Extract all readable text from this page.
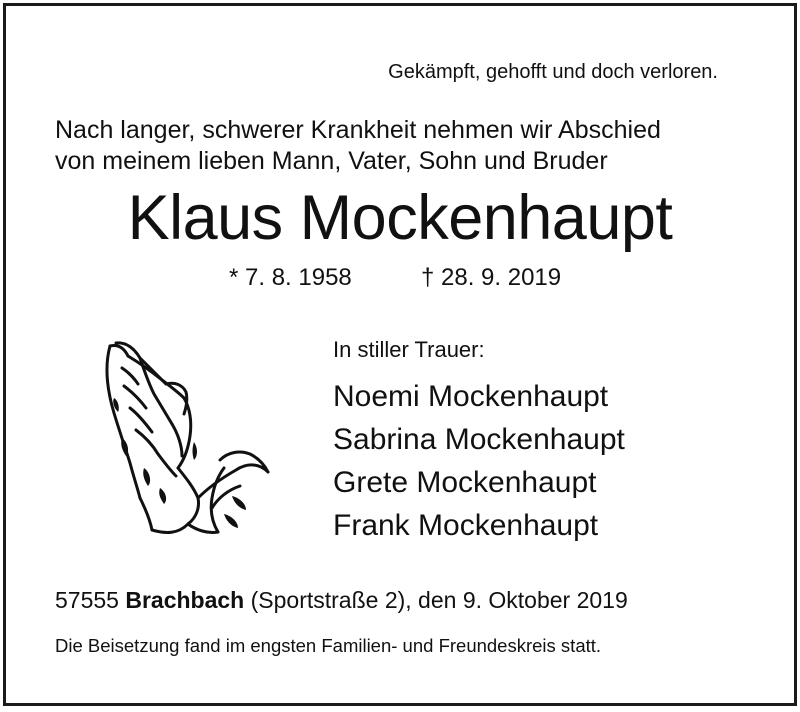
Gekämpft, gehofft und doch verloren.
Nach langer, schwerer Krankheit nehmen wir Abschied
von meinem lieben Mann, Vater, Sohn und Bruder
Klaus Mockenhaupt
* 7. 8. 1958	† 28. 9. 2019
In stiller Trauer:
Noemi Mockenhaupt
Sabrina Mockenhaupt
Grete Mockenhaupt
Frank Mockenhaupt
57555 Brachbach (Sportstraße 2), den 9. Oktober 2019
Die Beisetzung fand im engsten Familien- und Freundeskreis statt.
